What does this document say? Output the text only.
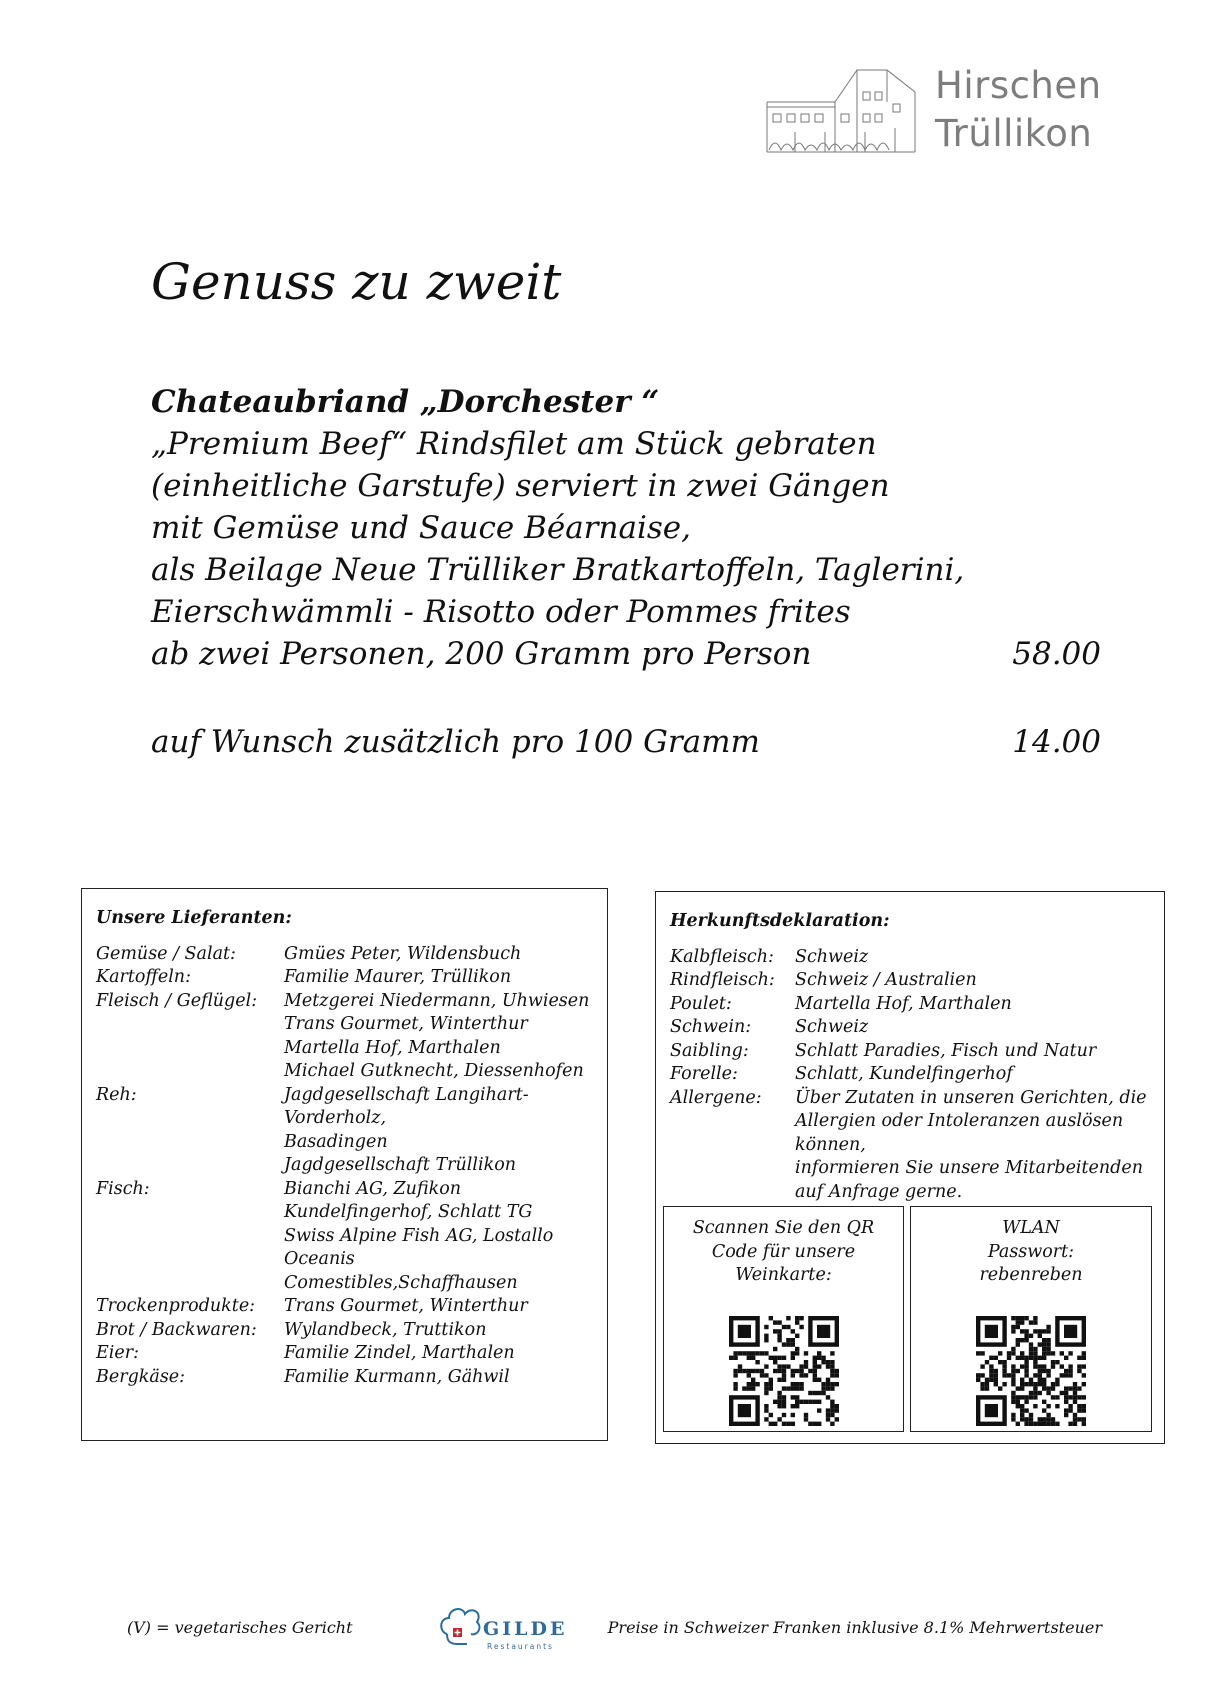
Hirschen
Trüllikon
Genuss zu zweit
Chateaubriand „Dorchester “
„Premium Beef“ Rindsfilet am Stück gebraten
(einheitliche Garstufe) serviert in zwei Gängen
mit Gemüse und Sauce Béarnaise,
als Beilage Neue Trülliker Bratkartoffeln, Taglerini,
Eierschwämmli - Risotto oder Pommes frites
ab zwei Personen, 200 Gramm pro Person	58.00
auf Wunsch zusätzlich pro 100 Gramm	14.00
Unsere Lieferanten:
Gemüse / Salat:	Gmües Peter, Wildensbuch
Kartoffeln:	Familie Maurer, Trüllikon
Fleisch / Geflügel:	Metzgerei Niedermann, Uhwiesen
Trans Gourmet, Winterthur
Martella Hof, Marthalen
Michael Gutknecht, Diessenhofen
Reh:	Jagdgesellschaft Langihart-Vorderholz,
Basadingen
Jagdgesellschaft Trüllikon
Fisch:	Bianchi AG, Zufikon
Kundelfingerhof, Schlatt TG
Swiss Alpine Fish AG, Lostallo
Oceanis Comestibles,Schaffhausen
Trockenprodukte:	Trans Gourmet, Winterthur
Brot / Backwaren:	Wylandbeck, Truttikon
Eier:	Familie Zindel, Marthalen
Bergkäse:	Familie Kurmann, Gähwil
Herkunftsdeklaration:
Kalbfleisch:	Schweiz
Rindfleisch:	Schweiz / Australien
Poulet:	Martella Hof, Marthalen
Schwein:	Schweiz
Saibling:	Schlatt Paradies, Fisch und Natur
Forelle:	Schlatt, Kundelfingerhof
Allergene:	Über Zutaten in unseren Gerichten, die
Allergien oder Intoleranzen auslösen können,
informieren Sie unsere Mitarbeitenden
auf Anfrage gerne.
Scannen Sie den QR
Code für unsere
Weinkarte:
WLAN
Passwort:
rebenreben
(V) = vegetarisches Gericht	GILDE
Restaurants
Preise in Schweizer Franken inklusive 8.1% Mehrwertsteuer
